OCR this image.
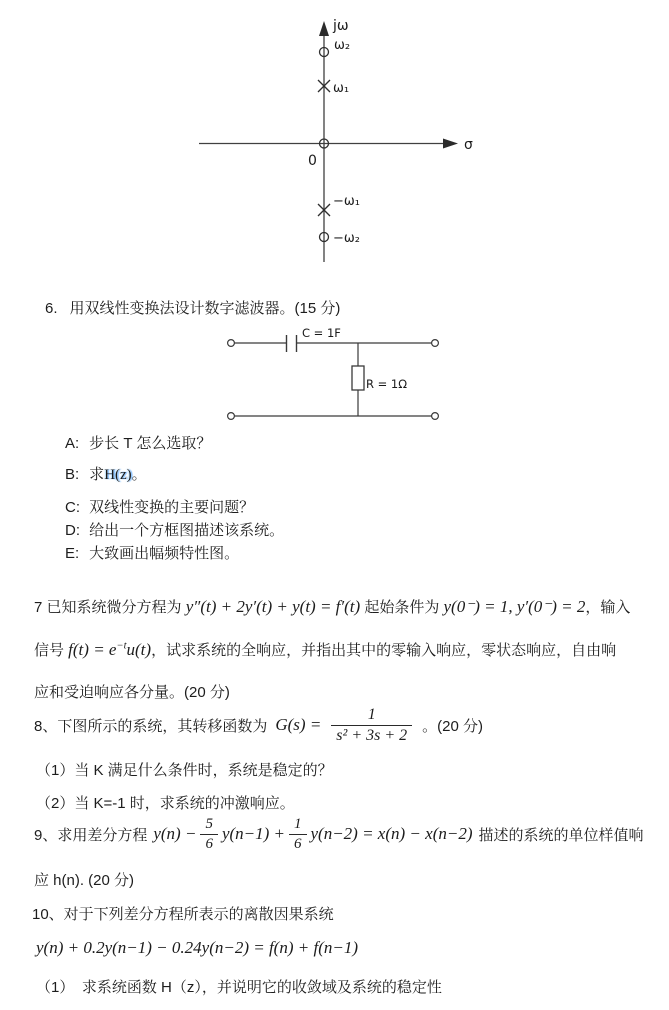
jω
σ
ω₂
ω₁
0
−ω₁
−ω₂
6. 用双线性变换法设计数字滤波器。(15 分)
C = 1F
R = 1Ω
A: 步长 T 怎么选取？
B: 求H(z)。
C: 双线性变换的主要问题？
D: 给出一个方框图描述该系统。
E: 大致画出幅频特性图。
7 已知系统微分方程为 y″(t) + 2y′(t) + y(t) = f′(t) 起始条件为 y(0⁻) = 1, y′(0⁻) = 2，输入
信号 $f(t) = e^{-t}u(t)$，试求系统的全响应，并指出其中的零输入响应，零状态响应，自由响
应和受迫响应各分量。(20 分)
8、下图所示的系统，其转移函数为 $G(s) = \frac{1}{\text{s² + 3s + 2}}$ 。(20 分)
（1）当 K 满足什么条件时，系统是稳定的？
（2）当 K=-1 时，求系统的冲激响应。
9、求用差分方程 $y(n) - \frac{5}{6} y(n-1) + \frac{1}{6} y(n-2) = x(n) - x(n-2)$ 描述的系统的单位样值响
应 h(n). (20 分)
10、对于下列差分方程所表示的离散因果系统
y(n) + 0.2y(n−1) − 0.24y(n−2) = f(n) + f(n−1)
（1）　求系统函数 H（z），并说明它的收敛域及系统的稳定性
